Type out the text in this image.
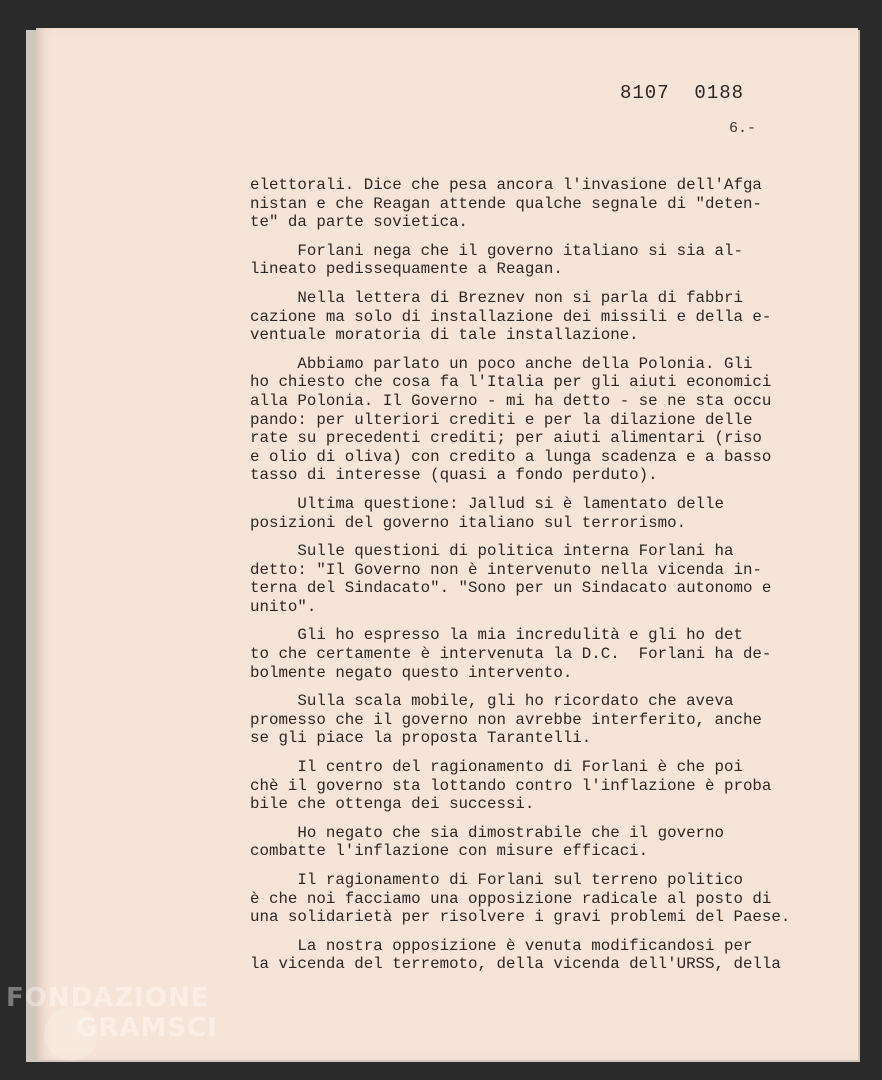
8107  0188
6.-
elettorali. Dice che pesa ancora l'invasione dell'Afga
nistan e che Reagan attende qualche segnale di "deten-
te" da parte sovietica.
Forlani nega che il governo italiano si sia al-
lineato pedissequamente a Reagan.
Nella lettera di Breznev non si parla di fabbri
cazione ma solo di installazione dei missili e della e-
ventuale moratoria di tale installazione.
Abbiamo parlato un poco anche della Polonia. Gli
ho chiesto che cosa fa l'Italia per gli aiuti economici
alla Polonia. Il Governo - mi ha detto - se ne sta occu
pando: per ulteriori crediti e per la dilazione delle
rate su precedenti crediti; per aiuti alimentari (riso
e olio di oliva) con credito a lunga scadenza e a basso
tasso di interesse (quasi a fondo perduto).
Ultima questione: Jallud si è lamentato delle
posizioni del governo italiano sul terrorismo.
Sulle questioni di politica interna Forlani ha
detto: "Il Governo non è intervenuto nella vicenda in-
terna del Sindacato". "Sono per un Sindacato autonomo e
unito".
Gli ho espresso la mia incredulità e gli ho det
to che certamente è intervenuta la D.C.  Forlani ha de-
bolmente negato questo intervento.
Sulla scala mobile, gli ho ricordato che aveva
promesso che il governo non avrebbe interferito, anche
se gli piace la proposta Tarantelli.
Il centro del ragionamento di Forlani è che poi
chè il governo sta lottando contro l'inflazione è proba
bile che ottenga dei successi.
Ho negato che sia dimostrabile che il governo
combatte l'inflazione con misure efficaci.
Il ragionamento di Forlani sul terreno politico
è che noi facciamo una opposizione radicale al posto di
una solidarietà per risolvere i gravi problemi del Paese.
La nostra opposizione è venuta modificandosi per
la vicenda del terremoto, della vicenda dell'URSS, della
FONDAZIONE
GRAMSCI
